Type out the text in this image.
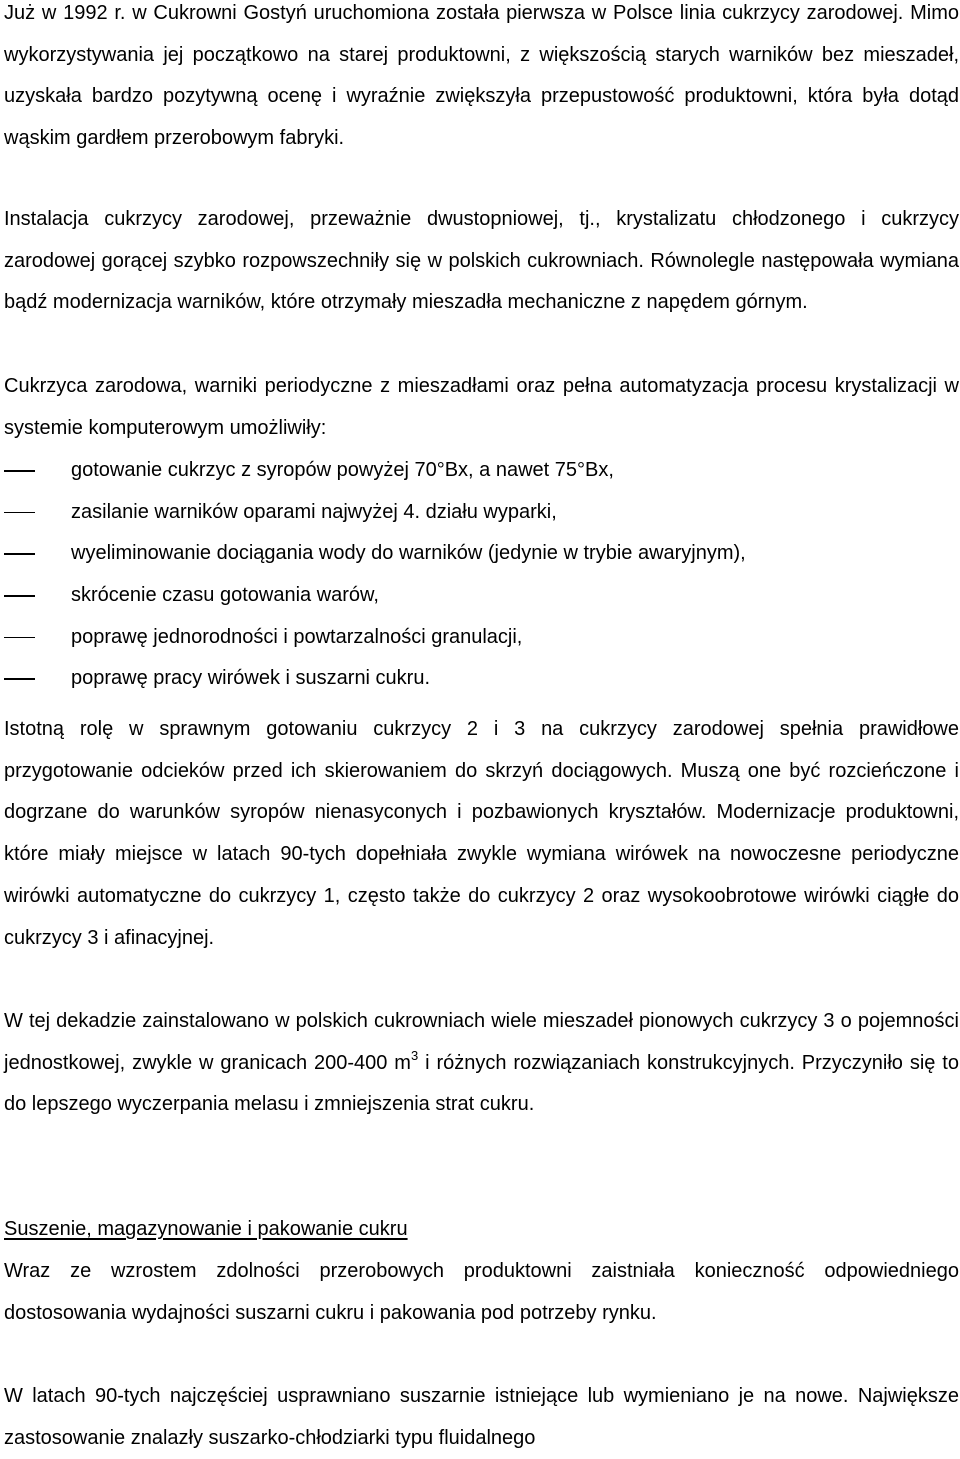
Już w 1992 r. w Cukrowni Gostyń uruchomiona została pierwsza w Polsce linia cukrzycy zarodowej. Mimo wykorzystywania jej początkowo na starej produktowni, z większością starych warników bez mieszadeł, uzyskała bardzo pozytywną ocenę i wyraźnie zwiększyła przepustowość produktowni, która była dotąd wąskim gardłem przerobowym fabryki.

Instalacja cukrzycy zarodowej, przeważnie dwustopniowej, tj., krystalizatu chłodzonego i cukrzycy zarodowej gorącej szybko rozpowszechniły się w polskich cukrowniach. Równolegle następowała wymiana bądź modernizacja warników, które otrzymały mieszadła mechaniczne z napędem górnym.

Cukrzyca zarodowa, warniki periodyczne z mieszadłami oraz pełna automatyzacja procesu krystalizacji w systemie komputerowym umożliwiły:

gotowanie cukrzyc z syropów powyżej 70°Bx, a nawet 75°Bx,
zasilanie warników oparami najwyżej 4. działu wyparki,
wyeliminowanie dociągania wody do warników (jedynie w trybie awaryjnym),
skrócenie czasu gotowania warów,
poprawę jednorodności i powtarzalności granulacji,
poprawę pracy wirówek i suszarni cukru.

Istotną rolę w sprawnym gotowaniu cukrzycy 2 i 3 na cukrzycy zarodowej spełnia prawidłowe przygotowanie odcieków przed ich skierowaniem do skrzyń dociągowych. Muszą one być rozcieńczone i dogrzane do warunków syropów nienasyconych i pozbawionych kryształów. Modernizacje produktowni, które miały miejsce w latach 90-tych dopełniała zwykle wymiana wirówek na nowoczesne periodyczne wirówki automatyczne do cukrzycy 1, często także do cukrzycy 2 oraz wysokoobrotowe wirówki ciągłe do cukrzycy 3 i afinacyjnej.

W tej dekadzie zainstalowano w polskich cukrowniach wiele mieszadeł pionowych cukrzycy 3 o pojemności jednostkowej, zwykle w granicach 200-400 $m^3$ i różnych rozwiązaniach konstrukcyjnych. Przyczyniło się to do lepszego wyczerpania melasu i zmniejszenia strat cukru.

Suszenie, magazynowanie i pakowanie cukru

Wraz ze wzrostem zdolności przerobowych produktowni zaistniała konieczność odpowiedniego dostosowania wydajności suszarni cukru i pakowania pod potrzeby rynku.

W latach 90-tych najczęściej usprawniano suszarnie istniejące lub wymieniano je na nowe. Największe zastosowanie znalazły suszarko-chłodziarki typu fluidalnego
